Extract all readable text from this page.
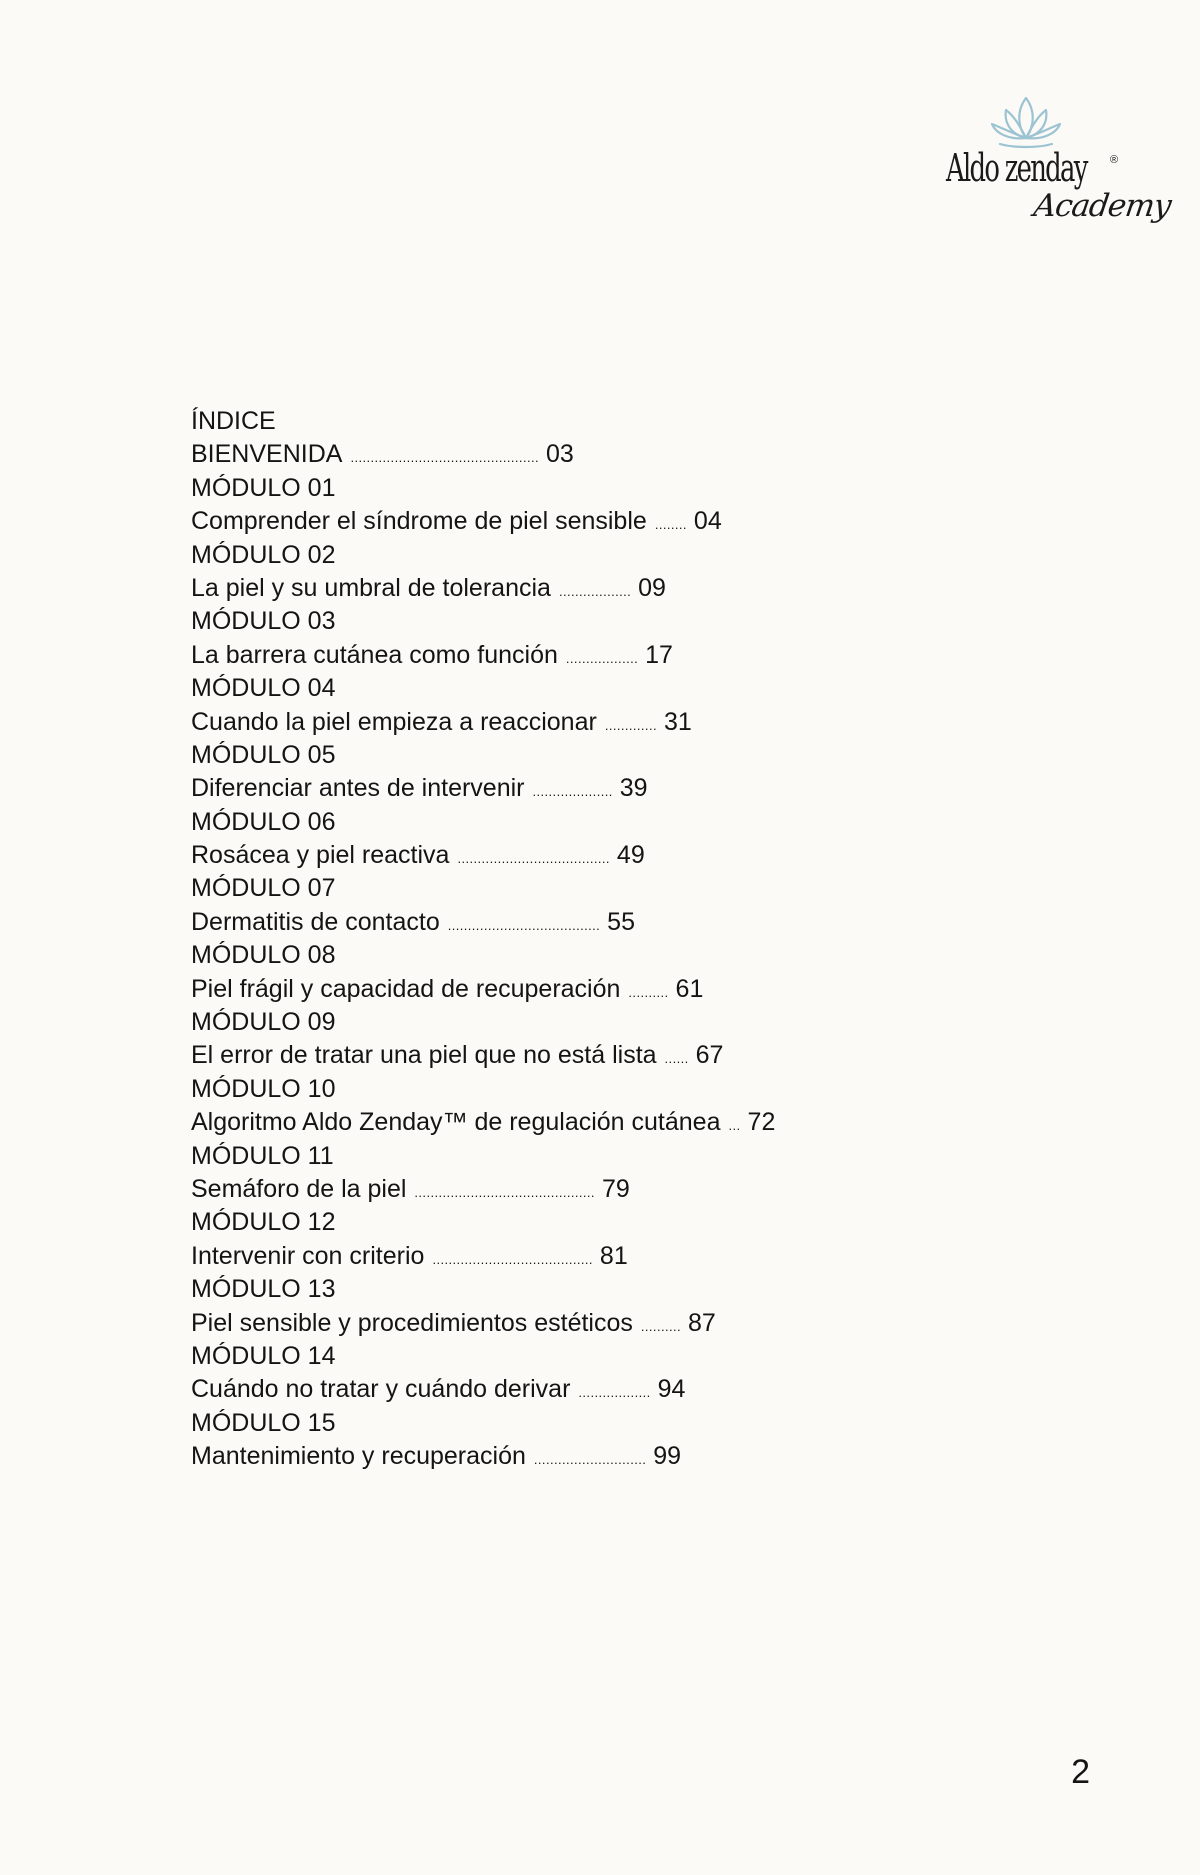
Aldo zenday ®
Academy
ÍNDICE
BIENVENIDA ............................................... 03
MÓDULO 01
Comprender el síndrome de piel sensible ........ 04
MÓDULO 02
La piel y su umbral de tolerancia .................. 09
MÓDULO 03
La barrera cutánea como función .................. 17
MÓDULO 04
Cuando la piel empieza a reaccionar ............. 31
MÓDULO 05
Diferenciar antes de intervenir .................... 39
MÓDULO 06
Rosácea y piel reactiva ...................................... 49
MÓDULO 07
Dermatitis de contacto ...................................... 55
MÓDULO 08
Piel frágil y capacidad de recuperación .......... 61
MÓDULO 09
El error de tratar una piel que no está lista ...... 67
MÓDULO 10
Algoritmo Aldo Zenday™ de regulación cutánea ... 72
MÓDULO 11
Semáforo de la piel ............................................. 79
MÓDULO 12
Intervenir con criterio ........................................ 81
MÓDULO 13
Piel sensible y procedimientos estéticos .......... 87
MÓDULO 14
Cuándo no tratar y cuándo derivar .................. 94
MÓDULO 15
Mantenimiento y recuperación ............................ 99
2
